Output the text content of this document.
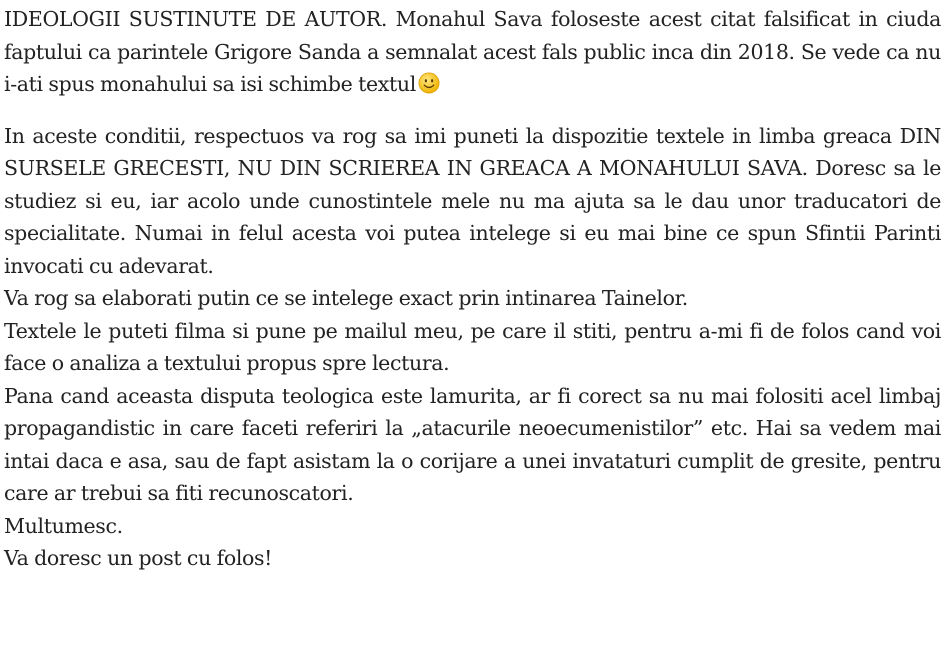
IDEOLOGII SUSTINUTE DE AUTOR. Monahul Sava foloseste acest citat falsificat in ciuda faptului ca parintele Grigore Sanda a semnalat acest fals public inca din 2018. Se vede ca nu i-ati spus monahului sa isi schimbe textul

In aceste conditii, respectuos va rog sa imi puneti la dispozitie textele in limba greaca DIN SURSELE GRECESTI, NU DIN SCRIEREA IN GREACA A MONAHULUI SAVA. Doresc sa le studiez si eu, iar acolo unde cunostintele mele nu ma ajuta sa le dau unor traducatori de specialitate. Numai in felul acesta voi putea intelege si eu mai bine ce spun Sfintii Parinti invocati cu adevarat.

Va rog sa elaborati putin ce se intelege exact prin intinarea Tainelor.

Textele le puteti filma si pune pe mailul meu, pe care il stiti, pentru a-mi fi de folos cand voi face o analiza a textului propus spre lectura.

Pana cand aceasta disputa teologica este lamurita, ar fi corect sa nu mai folositi acel limbaj propagandistic in care faceti referiri la „atacurile neoecumenistilor” etc. Hai sa vedem mai intai daca e asa, sau de fapt asistam la o corijare a unei invataturi cumplit de gresite, pentru care ar trebui sa fiti recunoscatori.

Multumesc.

Va doresc un post cu folos!
